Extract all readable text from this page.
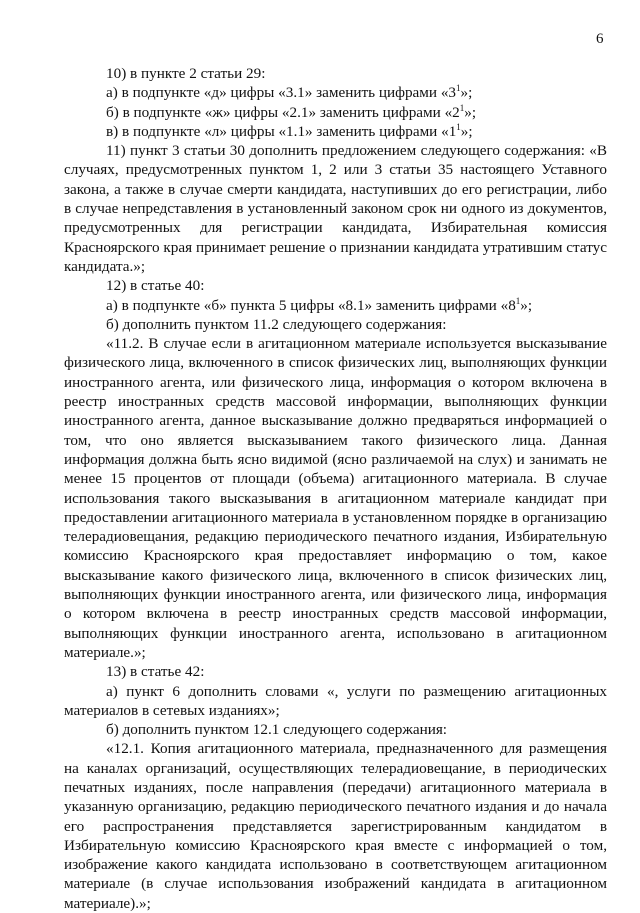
6

10) в пункте 2 статьи 29:

а) в подпункте «д» цифры «3.1» заменить цифрами «$3^1$»;

б) в подпункте «ж» цифры «2.1» заменить цифрами «$2^1$»;

в) в подпункте «л» цифры «1.1» заменить цифрами «$1^1$»;

11) пункт 3 статьи 30 дополнить предложением следующего содержания: «В случаях, предусмотренных пунктом 1, 2 или 3 статьи 35 настоящего Уставного закона, а также в случае смерти кандидата, наступивших до его регистрации, либо в случае непредставления в установленный законом срок ни одного из документов, предусмотренных для регистрации кандидата, Избирательная комиссия Красноярского края принимает решение о признании кандидата утратившим статус кандидата.»;

12) в статье 40:

а) в подпункте «б» пункта 5 цифры «8.1» заменить цифрами «$8^1$»;

б) дополнить пунктом 11.2 следующего содержания:

«11.2. В случае если в агитационном материале используется высказывание физического лица, включенного в список физических лиц, выполняющих функции иностранного агента, или физического лица, информация о котором включена в реестр иностранных средств массовой информации, выполняющих функции иностранного агента, данное высказывание должно предваряться информацией о том, что оно является высказыванием такого физического лица. Данная информация должна быть ясно видимой (ясно различаемой на слух) и занимать не менее 15 процентов от площади (объема) агитационного материала. В случае использования такого высказывания в агитационном материале кандидат при предоставлении агитационного материала в установленном порядке в организацию телерадиовещания, редакцию периодического печатного издания, Избирательную комиссию Красноярского края предоставляет информацию о том, какое высказывание какого физического лица, включенного в список физических лиц, выполняющих функции иностранного агента, или физического лица, информация о котором включена в реестр иностранных средств массовой информации, выполняющих функции иностранного агента, использовано в агитационном материале.»;

13) в статье 42:

а) пункт 6 дополнить словами «, услуги по размещению агитационных материалов в сетевых изданиях»;

б) дополнить пунктом 12.1 следующего содержания:

«12.1. Копия агитационного материала, предназначенного для размещения на каналах организаций, осуществляющих телерадиовещание, в периодических печатных изданиях, после направления (передачи) агитационного материала в указанную организацию, редакцию периодического печатного издания и до начала его распространения представляется зарегистрированным кандидатом в Избирательную комиссию Красноярского края вместе с информацией о том, изображение какого кандидата использовано в соответствующем агитационном материале (в случае использования изображений кандидата в агитационном материале).»;
